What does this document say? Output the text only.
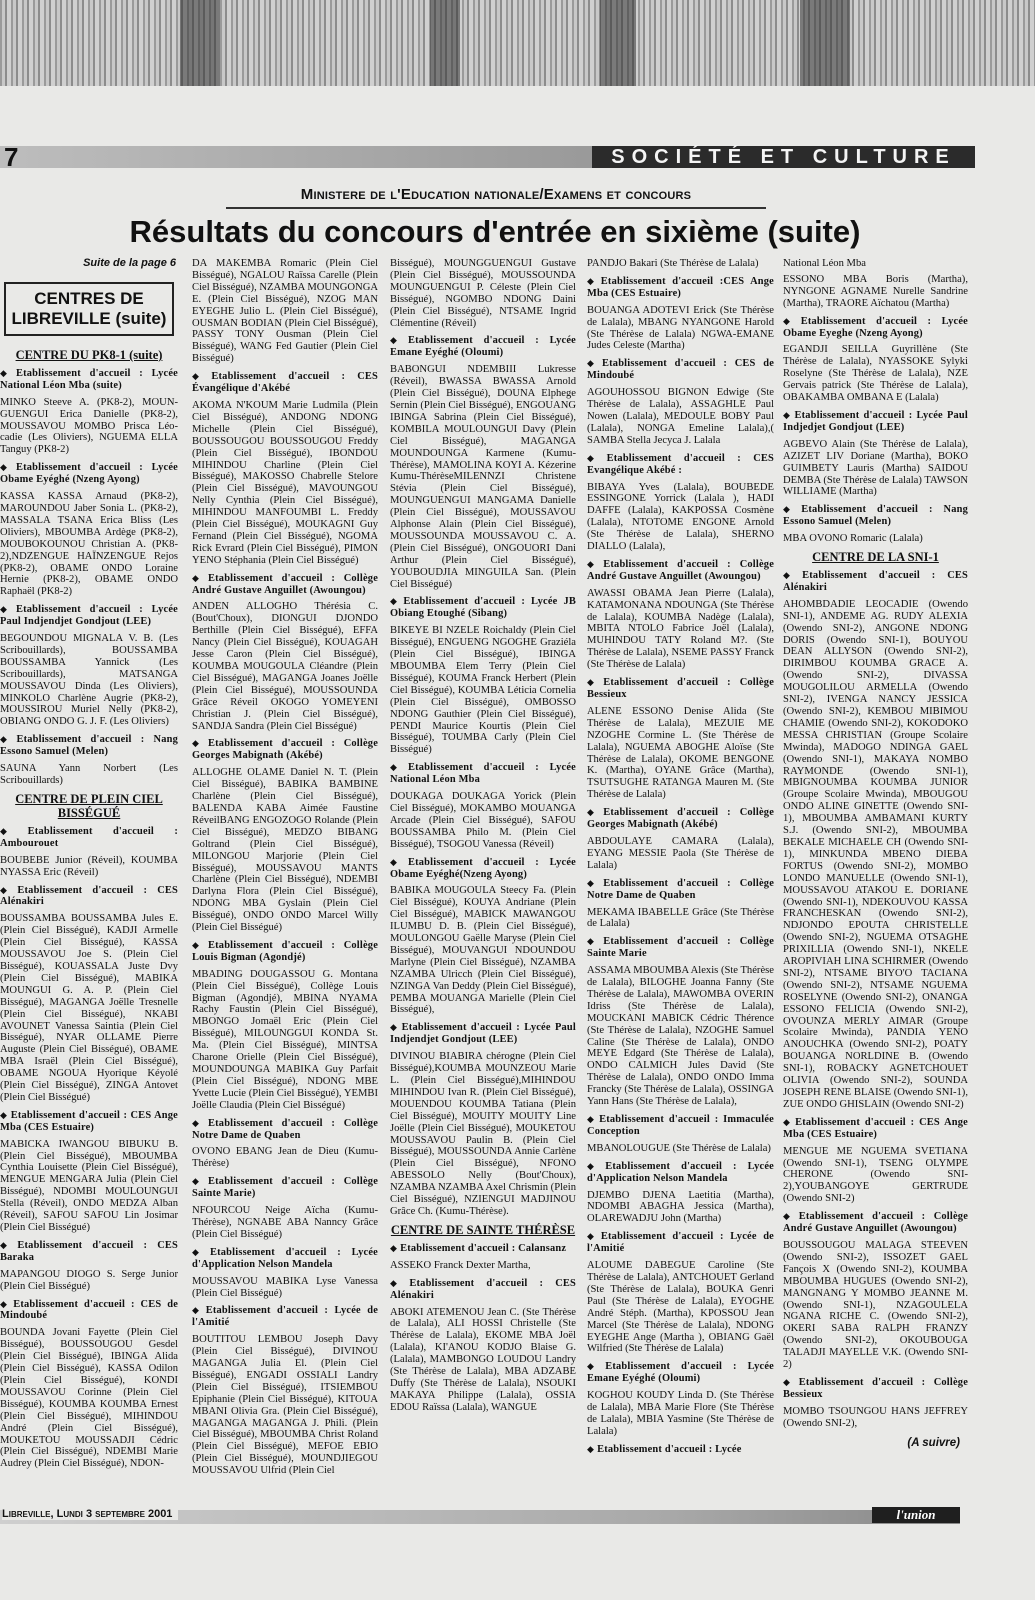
7	SOCIÉTÉ ET CULTURE
Ministere de l'Education nationale/Examens et concours
Résultats du concours d'entrée en sixième (suite)
Suite de la page 6
CENTRES DE LIBREVILLE (suite)

CENTRE DU PK8-1 (suite)

◆ Etablissement d'accueil : Lycée National Léon Mba (suite)

MINKO Steeve A. (PK8-2), MOUN-GUENGUI Erica Danielle (PK8-2), MOUSSAVOU MOMBO Prisca Léo-cadie (Les Oliviers), NGUEMA ELLA Tanguy (PK8-2)

◆ Etablissement d'accueil : Lycée Obame Eyéghé (Nzeng Ayong)

KASSA KASSA Arnaud (PK8-2), MAROUNDOU Jaber Sonia L. (PK8-2), MASSALA TSANA Erica Bliss (Les Oliviers), MBOUMBA Ardège (PK8-2), MOUBOKOUNOU Christian A. (PK8-2),NDZENGUE HAÏNZENGUE Rejos (PK8-2), OBAME ONDO Loraine Hernie (PK8-2), OBAME ONDO Raphaël (PK8-2)

◆ Etablissement d'accueil : Lycée Paul Indjendjet Gondjout (LEE)

BEGOUNDOU MIGNALA V. B. (Les Scribouillards), BOUSSAMBA BOUSSAMBA Yannick (Les Scribouillards), MATSANGA MOUSSAVOU Dinda (Les Oliviers), MINKOLO Charlène Augrie (PK8-2), MOUSSIROU Muriel Nelly (PK8-2), OBIANG ONDO G. J. F. (Les Oliviers)

◆ Etablissement d'accueil : Nang Essono Samuel (Melen)

SAUNA Yann Norbert (Les Scribouillards)

CENTRE DE PLEIN CIEL BISSÉGUÉ

◆ Etablissement d'accueil : Ambourouet

BOUBEBE Junior (Réveil), KOUMBA NYASSA Eric (Réveil)

◆ Etablissement d'accueil : CES Alénakiri

BOUSSAMBA BOUSSAMBA Jules E. (Plein Ciel Bisségué), KADJI Armelle (Plein Ciel Bisségué), KASSA MOUSSAVOU Joe S. (Plein Ciel Bisségué), KOUASSALA Juste Dvy (Plein Ciel Bisségué), MABIKA MOUNGUI G. A. P. (Plein Ciel Bisségué), MAGANGA Joëlle Tresnelle (Plein Ciel Bisségué), NKABI AVOUNET Vanessa Saintia (Plein Ciel Bisségué), NYAR OLLAME Pierre Auguste (Plein Ciel Bisségué), OBAME MBA Israël (Plein Ciel Bisségué), OBAME NGOUA Hyorique Kéyolé (Plein Ciel Bisségué), ZINGA Antovet (Plein Ciel Bisségué)

◆ Etablissement d'accueil : CES Ange Mba (CES Estuaire)

MABICKA IWANGOU BIBUKU B. (Plein Ciel Bisségué), MBOUMBA Cynthia Louisette (Plein Ciel Bisségué), MENGUE MENGARA Julia (Plein Ciel Bisségué), NDOMBI MOULOUNGUI Stella (Réveil), ONDO MEDZA Alban (Réveil), SAFOU SAFOU Lin Josimar (Plein Ciel Bisségué)

◆ Etablissement d'accueil : CES Baraka

MAPANGOU DIOGO S. Serge Junior (Plein Ciel Bisségué)

◆ Etablissement d'accueil : CES de Mindoubé

BOUNDA Jovani Fayette (Plein Ciel Bisségué), BOUSSOUGOU Gesdel (Plein Ciel Bisségué), IBINGA Alida (Plein Ciel Bisségué), KASSA Odilon (Plein Ciel Bisségué), KONDI MOUSSAVOU Corinne (Plein Ciel Bisségué), KOUMBA KOUMBA Ernest (Plein Ciel Bisségué), MIHINDOU André (Plein Ciel Bisségué), MOUKETOU MOUSSADJI Cédric (Plein Ciel Bisségué), NDEMBI Marie Audrey (Plein Ciel Bisségué), NDON-

DA MAKEMBA Romaric (Plein Ciel Bisségué), NGALOU Raïssa Carelle (Plein Ciel Bisségué), NZAMBA MOUNGONGA E. (Plein Ciel Bisségué), NZOG MAN EYEGHE Julio L. (Plein Ciel Bisségué), OUSMAN BODIAN (Plein Ciel Bisségué), PASSY TONY Ousman (Plein Ciel Bisségué), WANG Fed Gautier (Plein Ciel Bisségué)

◆ Etablissement d'accueil : CES Évangélique d'Akébé

AKOMA N'KOUM Marie Ludmila (Plein Ciel Bisségué), ANDONG NDONG Michelle (Plein Ciel Bisségué), BOUSSOUGOU BOUSSOUGOU Freddy (Plein Ciel Bisségué), IBONDOU MIHINDOU Charline (Plein Ciel Bisségué), MAKOSSO Chabrelle Stelore (Plein Ciel Bisségué), MAVOUNGOU Nelly Cynthia (Plein Ciel Bisségué), MIHINDOU MANFOUMBI L. Freddy (Plein Ciel Bisségué), MOUKAGNI Guy Fernand (Plein Ciel Bisségué), NGOMA Rick Evrard (Plein Ciel Bisségué), PIMON YENO Stéphania (Plein Ciel Bisségué)

◆ Etablissement d'accueil : Collège André Gustave Anguillet (Awoungou)

ANDEN ALLOGHO Thérésia C. (Bout'Choux), DIONGUI DJONDO Berthille (Plein Ciel Bisségué), EFFA Nancy (Plein Ciel Bisségué), KOUAGAH Jesse Caron (Plein Ciel Bisségué), KOUMBA MOUGOULA Cléandre (Plein Ciel Bisségué), MAGANGA Joanes Joëlle (Plein Ciel Bisségué), MOUSSOUNDA Grâce Réveil OKOGO YOMEYENI Christian J. (Plein Ciel Bisségué), SANDJA Sandra (Plein Ciel Bisségué)

◆ Etablissement d'accueil : Collège Georges Mabignath (Akébé)

ALLOGHE OLAME Daniel N. T. (Plein Ciel Bisségué), BABIKA BAMBINE Charlène (Plein Ciel Bisségué), BALENDA KABA Aimée Faustine RéveilBANG ENGOZOGO Rolande (Plein Ciel Bisségué), MEDZO BIBANG Goltrand (Plein Ciel Bisségué), MILONGOU Marjorie (Plein Ciel Bisségué), MOUSSAVOU MANTS Charlène (Plein Ciel Bisségué), NDEMBI Darlyna Flora (Plein Ciel Bisségué), NDONG MBA Gyslain (Plein Ciel Bisségué), ONDO ONDO Marcel Willy (Plein Ciel Bisségué)

◆ Etablissement d'accueil : Collège Louis Bigman (Agondjé)

MBADING DOUGASSOU G. Montana (Plein Ciel Bisségué), Collège Louis Bigman (Agondjé), MBINA NYAMA Rachy Faustin (Plein Ciel Bisségué), MBONGO Jomaël Eric (Plein Ciel Bisségué), MILOUNGGUI KONDA St. Ma. (Plein Ciel Bisségué), MINTSA Charone Orielle (Plein Ciel Bisségué), MOUNDOUNGA MABIKA Guy Parfait (Plein Ciel Bisségué), NDONG MBE Yvette Lucie (Plein Ciel Bisségué), YEMBI Joëlle Claudia (Plein Ciel Bisségué)

◆ Etablissement d'accueil : Collège Notre Dame de Quaben

OVONO EBANG Jean de Dieu (Kumu-Thérèse)

◆ Etablissement d'accueil : Collège Sainte Marie)

NFOURCOU Neige Aïcha (Kumu-Thérèse), NGNABE ABA Nanncy Grâce (Plein Ciel Bisségué)

◆ Etablissement d'accueil : Lycée d'Application Nelson Mandela

MOUSSAVOU MABIKA Lyse Vanessa (Plein Ciel Bisségué)

◆ Etablissement d'accueil : Lycée de l'Amitié

BOUTITOU LEMBOU Joseph Davy (Plein Ciel Bisségué), DIVINOU MAGANGA Julia El. (Plein Ciel Bisségué), ENGADI OSSIALI Landry (Plein Ciel Bisségué), ITSIEMBOU Epiphanie (Plein Ciel Bisségué), KITOUA MBANI Olivia Gra. (Plein Ciel Bisségué), MAGANGA MAGANGA J. Phili. (Plein Ciel Bisségué), MBOUMBA Christ Roland (Plein Ciel Bisségué), MEFOE EBIO (Plein Ciel Bisségué), MOUNDJIEGOU MOUSSAVOU Ulfrid (Plein Ciel

Bisségué), MOUNGGUENGUI Gustave (Plein Ciel Bisségué), MOUSSOUNDA MOUNGUENGUI P. Céleste (Plein Ciel Bisségué), NGOMBO NDONG Daini (Plein Ciel Bisségué), NTSAME Ingrid Clémentine (Réveil)

◆ Etablissement d'accueil : Lycée Emane Eyéghé (Oloumi)

BABONGUI NDEMBIII Lukresse (Réveil), BWASSA BWASSA Arnold (Plein Ciel Bisségué), DOUNA Elphege Sernin (Plein Ciel Bisségué), ENGOUANG IBINGA Sabrina (Plein Ciel Bisségué), KOMBILA MOULOUNGUI Davy (Plein Ciel Bisségué), MAGANGA MOUNDOUNGA Karmene (Kumu-Thérèse), MAMOLINA KOYI A. Kézerine Kumu-ThérèseMILENNZI Christene Stévia (Plein Ciel Bisségué), MOUNGUENGUI MANGAMA Danielle (Plein Ciel Bisségué), MOUSSAVOU Alphonse Alain (Plein Ciel Bisségué), MOUSSOUNDA MOUSSAVOU C. A. (Plein Ciel Bisségué), ONGOUORI Dani Arthur (Plein Ciel Bisségué), YOUBOUDJIA MINGUILA San. (Plein Ciel Bisségué)

◆ Etablissement d'accueil : Lycée JB Obiang Etoughé (Sibang)

BIKEYE BI NZELE Roichaldy (Plein Ciel Bisségué), ENGUENG NGOGHE Graziéla (Plein Ciel Bisségué), IBINGA MBOUMBA Elem Terry (Plein Ciel Bisségué), KOUMA Franck Herbert (Plein Ciel Bisségué), KOUMBA Léticia Cornelia (Plein Ciel Bisségué), OMBOSSO NDONG Gauthier (Plein Ciel Bisségué), PENDI Maurice Kourtis (Plein Ciel Bisségué), TOUMBA Carly (Plein Ciel Bisségué)

◆ Etablissement d'accueil : Lycée National Léon Mba

DOUKAGA DOUKAGA Yorick (Plein Ciel Bisségué), MOKAMBO MOUANGA Arcade (Plein Ciel Bisségué), SAFOU BOUSSAMBA Philo M. (Plein Ciel Bisségué), TSOGOU Vanessa (Réveil)

◆ Etablissement d'accueil : Lycée Obame Eyéghé(Nzeng Ayong)

BABIKA MOUGOULA Steecy Fa. (Plein Ciel Bisségué), KOUYA Andriane (Plein Ciel Bisségué), MABICK MAWANGOU ILUMBU D. B. (Plein Ciel Bisségué), MOULONGOU Gaëlle Maryse (Plein Ciel Bisségué), MOUVANGUI NDOUNDOU Marlyne (Plein Ciel Bisségué), NZAMBA NZAMBA Ulricch (Plein Ciel Bisségué), NZINGA Van Deddy (Plein Ciel Bisségué), PEMBA MOUANGA Marielle (Plein Ciel Bisségué),

◆ Etablissement d'accueil : Lycée Paul Indjendjet Gondjout (LEE)

DIVINOU BIABIRA chérogne (Plein Ciel Bisségué),KOUMBA MOUNZEOU Marie L. (Plein Ciel Bisségué),MIHINDOU MIHINDOU Ivan R. (Plein Ciel Bisségué), MOUENDOU KOUMBA Tatiana (Plein Ciel Bisségué), MOUITY MOUITY Line Joëlle (Plein Ciel Bisségué), MOUKETOU MOUSSAVOU Paulin B. (Plein Ciel Bisségué), MOUSSOUNDA Annie Carlène (Plein Ciel Bisségué), NFONO ABESSOLO Nelly (Bout'Choux), NZAMBA NZAMBA Axel Chrismin (Plein Ciel Bisségué), NZIENGUI MADJINOU Grâce Ch. (Kumu-Thérèse).

CENTRE DE SAINTE THÉRÈSE

◆ Etablissement d'accueil : Calansanz

ASSEKO Franck Dexter Martha,

◆ Etablissement d'accueil : CES Alénakiri

ABOKI ATEMENOU Jean C. (Ste Thérèse de Lalala), ALI HOSSI Christelle (Ste Thérèse de Lalala), EKOME MBA Joël (Lalala), KI'ANOU KODJO Blaise G. (Lalala), MAMBONGO LOUDOU Landry (Ste Thérèse de Lalala), MBA ADZABE Duffy (Ste Thérèse de Lalala), NSOUKI MAKAYA Philippe (Lalala), OSSIA EDOU Raïssa (Lalala), WANGUE

PANDJO Bakari (Ste Thérèse de Lalala)

◆ Etablissement d'accueil :CES Ange Mba (CES Estuaire)

BOUANGA ADOTEVI Erick (Ste Thérèse de Lalala), MBANG NYANGONE Harold (Ste Thérèse de Lalala) NGWA-EMANE Judes Celeste (Martha)

◆ Etablissement d'accueil : CES de Mindoubé

AGOUHOSSOU BIGNON Edwige (Ste Thérèse de Lalala), ASSAGHLE Paul Nowen (Lalala), MEDOULE BOBY Paul (Lalala), NONGA Emeline Lalala),( SAMBA Stella Jecyca J. Lalala

◆ Etablissement d'accueil : CES Evangélique Akébé :

BIBAYA Yves (Lalala), BOUBEDE ESSINGONE Yorrick (Lalala ), HADI DAFFE (Lalala), KAKPOSSA Cosmène (Lalala), NTOTOME ENGONE Arnold (Ste Thérèse de Lalala), SHERNO DIALLO (Lalala),

◆ Etablissement d'accueil : Collège André Gustave Anguillet (Awoungou)

AWASSI OBAMA Jean Pierre (Lalala), KATAMONANA NDOUNGA (Ste Thérèse de Lalala), KOUMBA Nadège (Lalala), MBITA NTOLO Fabrice Joël (Lalala), MUHINDOU TATY Roland M?. (Ste Thérèse de Lalala), NSEME PASSY Franck (Ste Thérèse de Lalala)

◆ Etablissement d'accueil : Collège Bessieux

ALENE ESSONO Denise Alida (Ste Thérèse de Lalala), MEZUIE ME NZOGHE Cormine L. (Ste Thérèse de Lalala), NGUEMA ABOGHE Aloïse (Ste Thérèse de Lalala), OKOME BENGONE K. (Martha), OYANE Grâce (Martha), TSUTSUGHE RATANGA Mauren M. (Ste Thérèse de Lalala)

◆ Etablissement d'accueil : Collège Georges Mabignath (Akébé)

ABDOULAYE CAMARA (Lalala), EYANG MESSIE Paola (Ste Thérèse de Lalala)

◆ Etablissement d'accueil : Collège Notre Dame de Quaben

MEKAMA IBABELLE Grâce (Ste Thérèse de Lalala)

◆ Etablissement d'accueil : Collège Sainte Marie

ASSAMA MBOUMBA Alexis (Ste Thérèse de Lalala), BILOGHE Joanna Fanny (Ste Thérèse de Lalala), MAWOMBA OVERIN Idriss (Ste Thérèse de Lalala), MOUCKANI MABICK Cédric Thérence (Ste Thérèse de Lalala), NZOGHE Samuel Caline (Ste Thérèse de Lalala), ONDO MEYE Edgard (Ste Thérèse de Lalala), ONDO CALMICH Jules David (Ste Thérèse de Lalala), ONDO ONDO Imma Francky (Ste Thérèse de Lalala), OSSINGA Yann Hans (Ste Thérèse de Lalala),

◆ Etablissement d'accueil : Immaculée Conception

MBANOLOUGUE (Ste Thérèse de Lalala)

◆ Etablissement d'accueil : Lycée d'Application Nelson Mandela

DJEMBO DJENA Laetitia (Martha), NDOMBI ABAGHA Jessica (Martha), OLAREWADJU John (Martha)

◆ Etablissement d'accueil : Lycée de l'Amitié

ALOUME DABEGUE Caroline (Ste Thérèse de Lalala), ANTCHOUET Gerland (Ste Thérèse de Lalala), BOUKA Genri Paul (Ste Thérèse de Lalala), EYOGHE André Stéph. (Martha), KPOSSOU Jean Marcel (Ste Thérèse de Lalala), NDONG EYEGHE Ange (Martha ), OBIANG Gaël Wilfried (Ste Thérèse de Lalala)

◆ Etablissement d'accueil : Lycée Emane Eyéghé (Oloumi)

KOGHOU KOUDY Linda D. (Ste Thérèse de Lalala), MBA Marie Flore (Ste Thérèse de Lalala), MBIA Yasmine (Ste Thérèse de Lalala)

◆ Etablissement d'accueil : Lycée

National Léon Mba

ESSONO MBA Boris (Martha), NYNGONE AGNAME Nurelle Sandrine (Martha), TRAORE Aïchatou (Martha)

◆ Etablissement d'accueil : Lycée Obame Eyeghe (Nzeng Ayong)

EGANDJI SEILLA Guyrillène (Ste Thérèse de Lalala), NYASSOKE Sylyki Roselyne (Ste Thérèse de Lalala), NZE Gervais patrick (Ste Thérèse de Lalala), OBAKAMBA OMBANA E (Lalala)

◆ Etablissement d'accueil : Lycée Paul Indjedjet Gondjout (LEE)

AGBEVO Alain (Ste Thérèse de Lalala), AZIZET LIV Doriane (Martha), BOKO GUIMBETY Lauris (Martha) SAIDOU DEMBA (Ste Thérèse de Lalala) TAWSON WILLIAME (Martha)

◆ Etablissement d'accueil : Nang Essono Samuel (Melen)

MBA OVONO Romaric (Lalala)

CENTRE DE LA SNI-1

◆ Etablissement d'accueil : CES Alénakiri

AHOMBDADIE LEOCADIE (Owendo SNI-1), ANDEME AG. RUDY ALEXIA (Owendo SNI-2), ANGONE NDONG DORIS (Owendo SNI-1), BOUYOU DEAN ALLYSON (Owendo SNI-2), DIRIMBOU KOUMBA GRACE A. (Owendo SNI-2), DIVASSA MOUGOLILOU ARMELLA (Owendo SNI-2), IVENGA NANCY JESSICA (Owendo SNI-2), KEMBOU MIBIMOU CHAMIE (Owendo SNI-2), KOKODOKO MESSA CHRISTIAN (Groupe Scolaire Mwinda), MADOGO NDINGA GAEL (Owendo SNI-1), MAKAYA NOMBO RAYMONDE (Owendo SNI-1), MBIGNOUMBA KOUMBA JUNIOR (Groupe Scolaire Mwinda), MBOUGOU ONDO ALINE GINETTE (Owendo SNI-1), MBOUMBA AMBAMANI KURTY S.J. (Owendo SNI-2), MBOUMBA BEKALE MICHAELE CH (Owendo SNI-1), MINKUNDA MBENO DIEBA FORTUS (Owendo SNI-2), MOMBO LONDO MANUELLE (Owendo SNI-1), MOUSSAVOU ATAKOU E. DORIANE (Owendo SNI-1), NDEKOUVOU KASSA FRANCHESKAN (Owendo SNI-2), NDJONDO EPOUTA CHRISTELLE (Owendo SNI-2), NGUEMA OTSAGHE PRIXILLIA (Owendo SNI-1), NKELE AROPIVIAH LINA SCHIRMER (Owendo SNI-2), NTSAME BIYO'O TACIANA (Owendo SNI-2), NTSAME NGUEMA ROSELYNE (Owendo SNI-2), ONANGA ESSONO FELICIA (Owendo SNI-2), OVOUNZA MERLY AIMAR (Groupe Scolaire Mwinda), PANDIA YENO ANOUCHKA (Owendo SNI-2), POATY BOUANGA NORLDINE B. (Owendo SNI-1), ROBACKY AGNETCHOUET OLIVIA (Owendo SNI-2), SOUNDA JOSEPH RENE BLAISE (Owendo SNI-1), ZUE ONDO GHISLAIN (Owendo SNI-2)

◆ Etablissement d'accueil : CES Ange Mba (CES Estuaire)

MENGUE ME NGUEMA SVETIANA (Owendo SNI-1), TSENG OLYMPE CHERONE (Owendo SNI-2),YOUBANGOYE GERTRUDE (Owendo SNI-2)

◆ Etablissement d'accueil : Collège André Gustave Anguillet (Awoungou)

BOUSSOUGOU MALAGA STEEVEN (Owendo SNI-2), ISSOZET GAEL Fançois X (Owendo SNI-2), KOUMBA MBOUMBA HUGUES (Owendo SNI-2), MANGNANG Y MOMBO JEANNE M. (Owendo SNI-1), NZAGOULELA NGANA RICHE C. (Owendo SNI-2), OKERI SABA RALPH FRANZY (Owendo SNI-2), OKOUBOUGA TALADJI MAYELLE V.K. (Owendo SNI-2)

◆ Etablissement d'accueil : Collège Bessieux

MOMBO TSOUNGOU HANS JEFFREY (Owendo SNI-2),

(A suivre)
Libreville, Lundi 3 septembre 2001	l'union
